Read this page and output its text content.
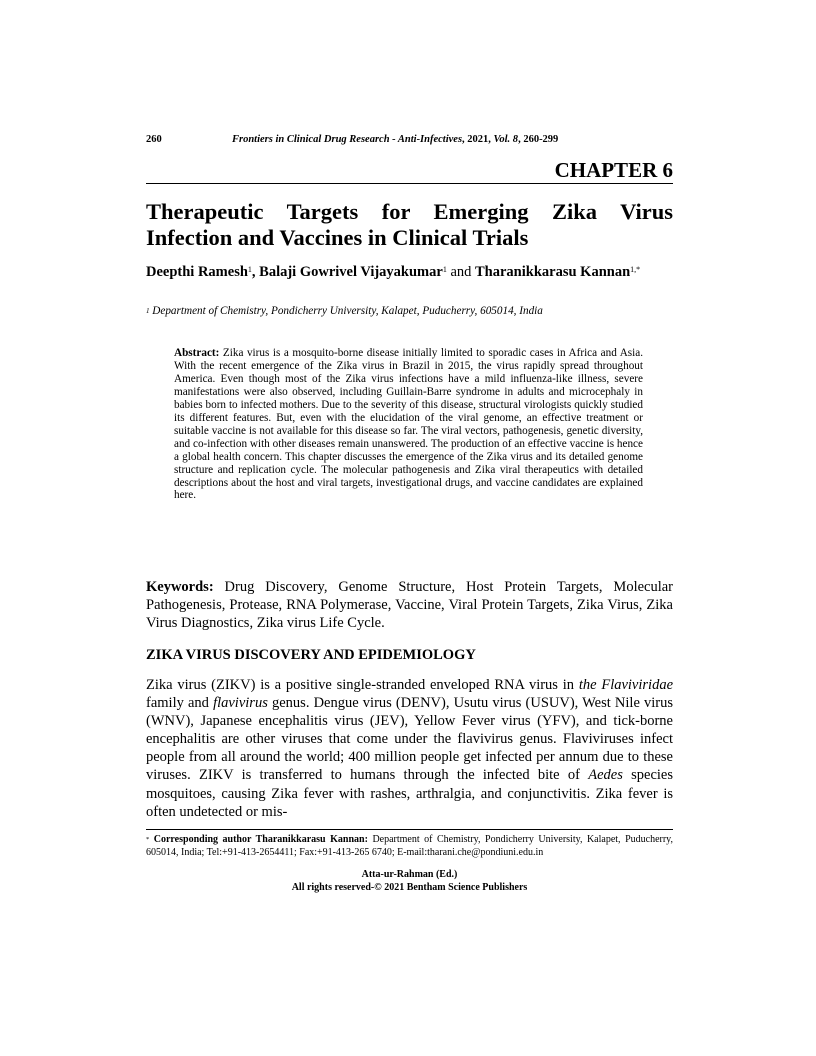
260	Frontiers in Clinical Drug Research - Anti-Infectives, 2021, Vol. 8, 260-299
CHAPTER 6
Therapeutic Targets for Emerging Zika Virus Infection and Vaccines in Clinical Trials
Deepthi Ramesh$^1$, Balaji Gowrivel Vijayakumar$^1$ and Tharanikkarasu Kannan$^{1,*}$
$^1$ Department of Chemistry, Pondicherry University, Kalapet, Puducherry, 605014, India

Abstract: Zika virus is a mosquito-borne disease initially limited to sporadic cases in Africa and Asia. With the recent emergence of the Zika virus in Brazil in 2015, the virus rapidly spread throughout America. Even though most of the Zika virus infections have a mild influenza-like illness, severe manifestations were also observed, including Guillain-Barre syndrome in adults and microcephaly in babies born to infected mothers. Due to the severity of this disease, structural virologists quickly studied its different features. But, even with the elucidation of the viral genome, an effective treatment or suitable vaccine is not available for this disease so far. The viral vectors, pathogenesis, genetic diversity, and co-infection with other diseases remain unanswered. The production of an effective vaccine is hence a global health concern. This chapter discusses the emergence of the Zika virus and its detailed genome structure and replication cycle. The molecular pathogenesis and Zika viral therapeutics with detailed descriptions about the host and viral targets, investigational drugs, and vaccine candidates are explained here.

Keywords: Drug Discovery, Genome Structure, Host Protein Targets, Molecular Pathogenesis, Protease, RNA Polymerase, Vaccine, Viral Protein Targets, Zika Virus, Zika Virus Diagnostics, Zika virus Life Cycle.

ZIKA VIRUS DISCOVERY AND EPIDEMIOLOGY

Zika virus (ZIKV) is a positive single-stranded enveloped RNA virus in the Flaviviridae family and flavivirus genus. Dengue virus (DENV), Usutu virus (USUV), West Nile virus (WNV), Japanese encephalitis virus (JEV), Yellow Fever virus (YFV), and tick-borne encephalitis are other viruses that come under the flavivirus genus. Flaviviruses infect people from all around the world; 400 million people get infected per annum due to these viruses. ZIKV is transferred to humans through the infected bite of Aedes species mosquitoes, causing Zika fever with rashes, arthralgia, and conjunctivitis. Zika fever is often undetected or mis-

* Corresponding author Tharanikkarasu Kannan: Department of Chemistry, Pondicherry University, Kalapet, Puducherry, 605014, India; Tel:+91-413-2654411; Fax:+91-413-265 6740; E-mail:tharani.che@pondiuni.edu.in

Atta-ur-Rahman (Ed.)
All rights reserved-© 2021 Bentham Science Publishers
